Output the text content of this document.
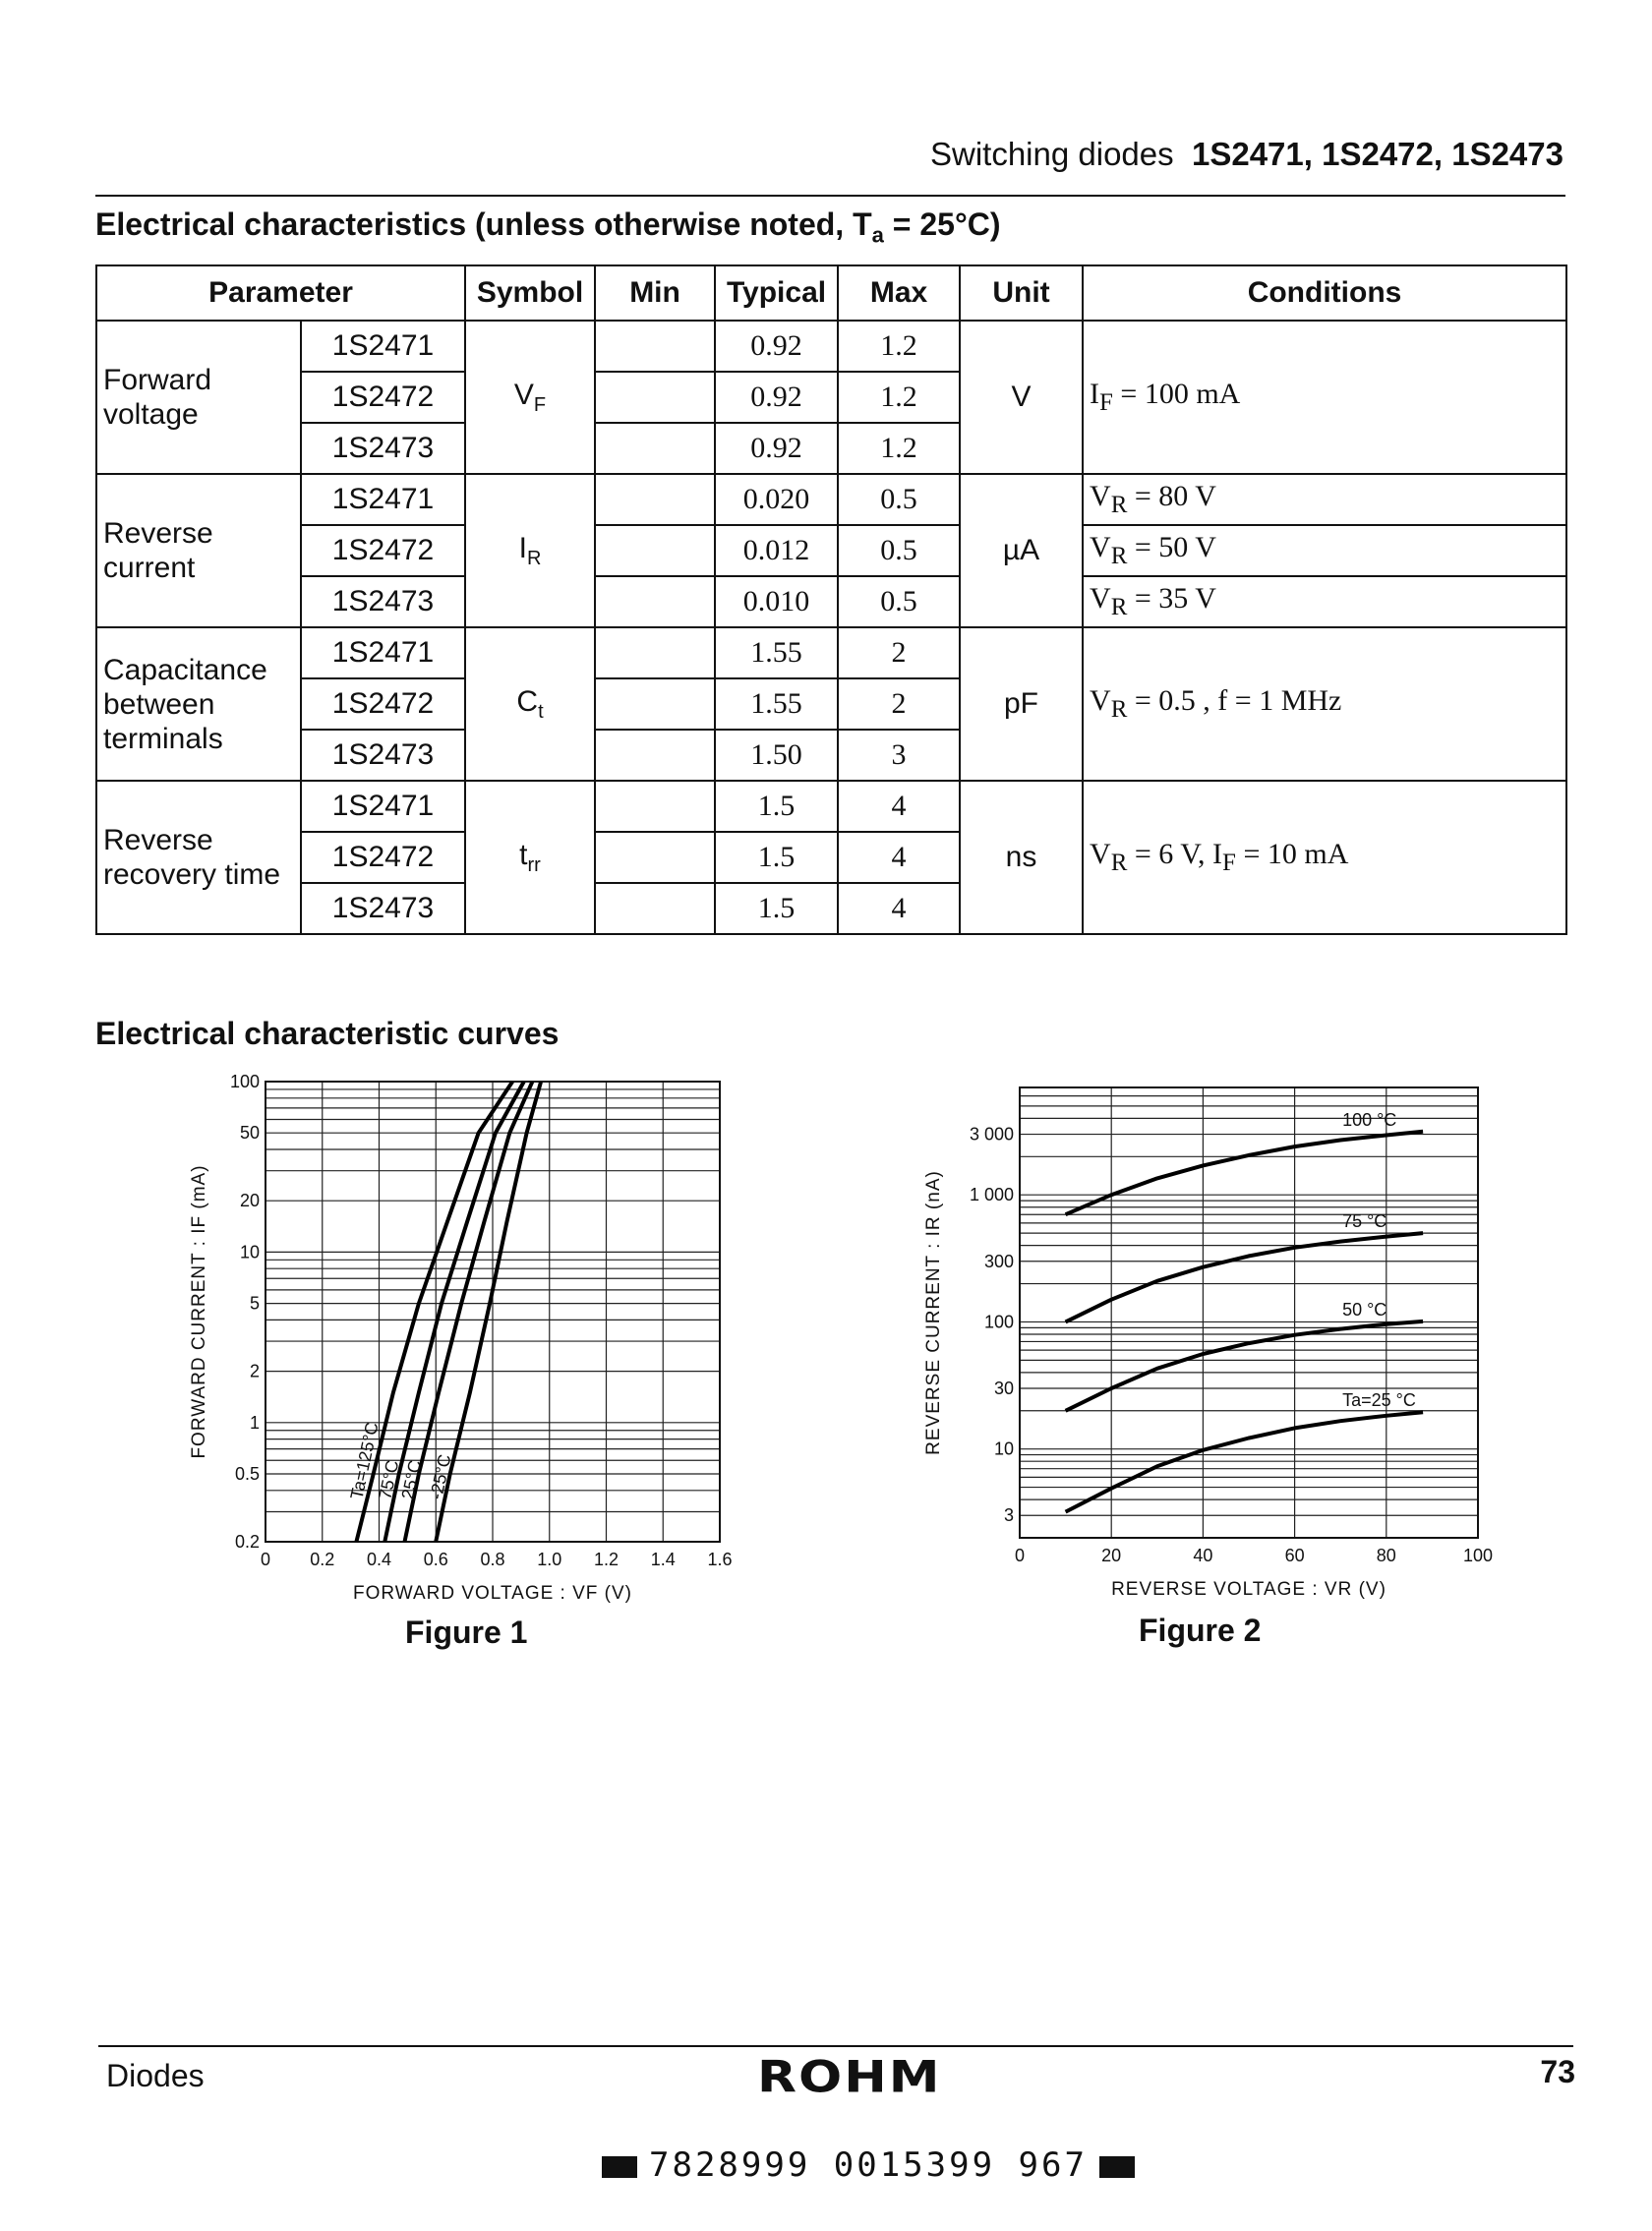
Switching diodes 1S2471, 1S2472, 1S2473
Electrical characteristics (unless otherwise noted, $T_a = 25^\circ C$)
Parameter		Symbol	Min	Typical	Max	Unit	Conditions
Forward voltage	1S2471	$V_F$		0.92	1.2	V	$I_F = 100$ mA
	1S2472			0.92	1.2		
	1S2473			0.92	1.2		
Reverse current	1S2471	$I_R$		0.020	0.5	µA	$V_R = 80$ V
	1S2472			0.012	0.5		$V_R = 50$ V
	1S2473			0.010	0.5		$V_R = 35$ V
Capacitance between terminals	1S2471	$C_t$		1.55	2	pF	$V_R = 0.5$ , f = 1 MHz
	1S2472			1.55	2		
	1S2473			1.50	3		
Reverse recovery time	1S2471	$t_{rr}$		1.5	4	ns	$V_R = 6$ V, $I_F = 10$ mA
	1S2472			1.5	4		
	1S2473			1.5	4		
Electrical characteristic curves
0 0.2 0.4 0.6 0.8 1.0 1.2 1.4 1.6
0.2
0.5
1
2
5
10
20
50
100
FORWARD VOLTAGE : VF (V)
FORWARD CURRENT : IF (mA)
Ta=125°C
75°C
25°C -25°C
Figure 1
0	20	40	60	80	100
3
10
30
100
300
1 000
3 000
REVERSE VOLTAGE : VR (V)
REVERSE CURRENT : IR (nA)
100 °C
75 °C
50 °C
Ta=25 °C
Figure 2
Diodes	ROHM	73
7828999 0015399 967
